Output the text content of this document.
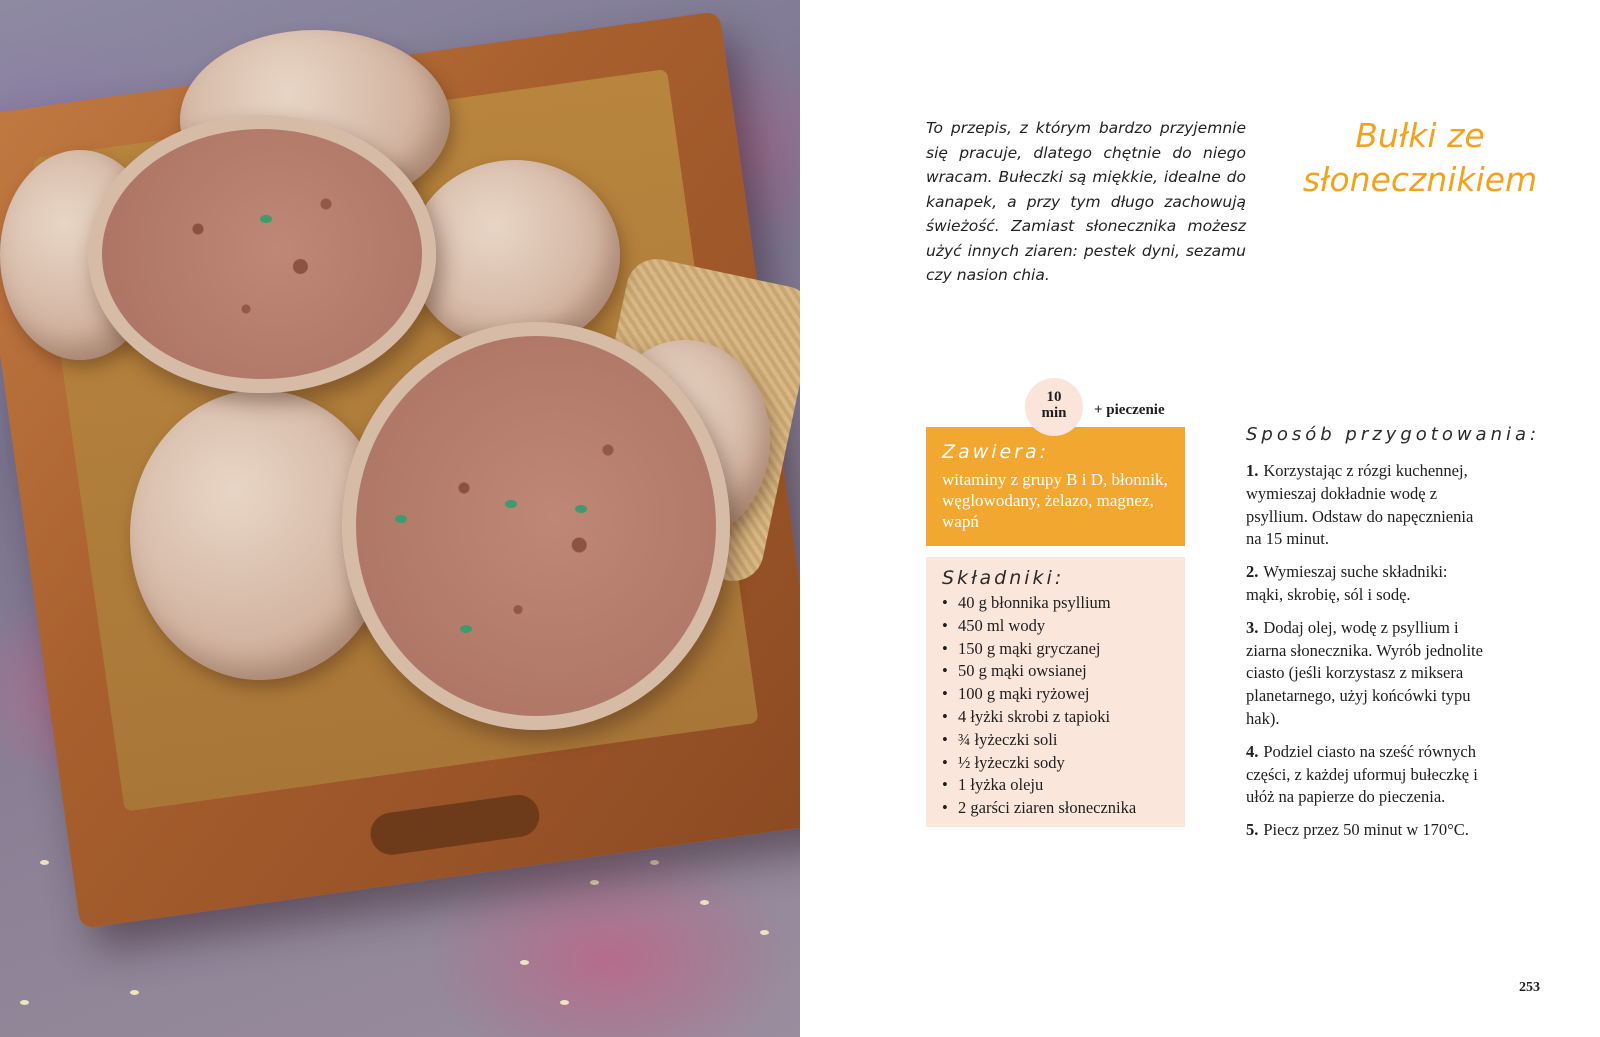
To przepis, z którym bardzo przyjemnie się pracuje, dlatego chętnie do niego wracam. Bułeczki są miękkie, idealne do kanapek, a przy tym długo zachowują świeżość. Zamiast słonecznika możesz użyć innych ziaren: pestek dyni, sezamu czy nasion chia.
Bułki ze
słonecznikiem
10
min	+ pieczenie
Zawiera:
witaminy z grupy B i D, błonnik, węglowodany, żelazo, magnez, wapń
Składniki:
• 40 g błonnika psyllium
• 450 ml wody
• 150 g mąki gryczanej
• 50 g mąki owsianej
• 100 g mąki ryżowej
• 4 łyżki skrobi z tapioki
• ¾ łyżeczki soli
• ½ łyżeczki sody
• 1 łyżka oleju
• 2 garści ziaren słonecznika
Sposób przygotowania:
1. Korzystając z rózgi kuchennej, wymieszaj dokładnie wodę z psyllium. Odstaw do napęcznienia na 15 minut.
2. Wymieszaj suche składniki: mąki, skrobię, sól i sodę.
3. Dodaj olej, wodę z psyllium i ziarna słonecznika. Wyrób jednolite ciasto (jeśli korzystasz z miksera planetarnego, użyj końcówki typu hak).
4. Podziel ciasto na sześć równych części, z każdej uformuj bułeczkę i ułóż na papierze do pieczenia.
5. Piecz przez 50 minut w 170°C.
253
